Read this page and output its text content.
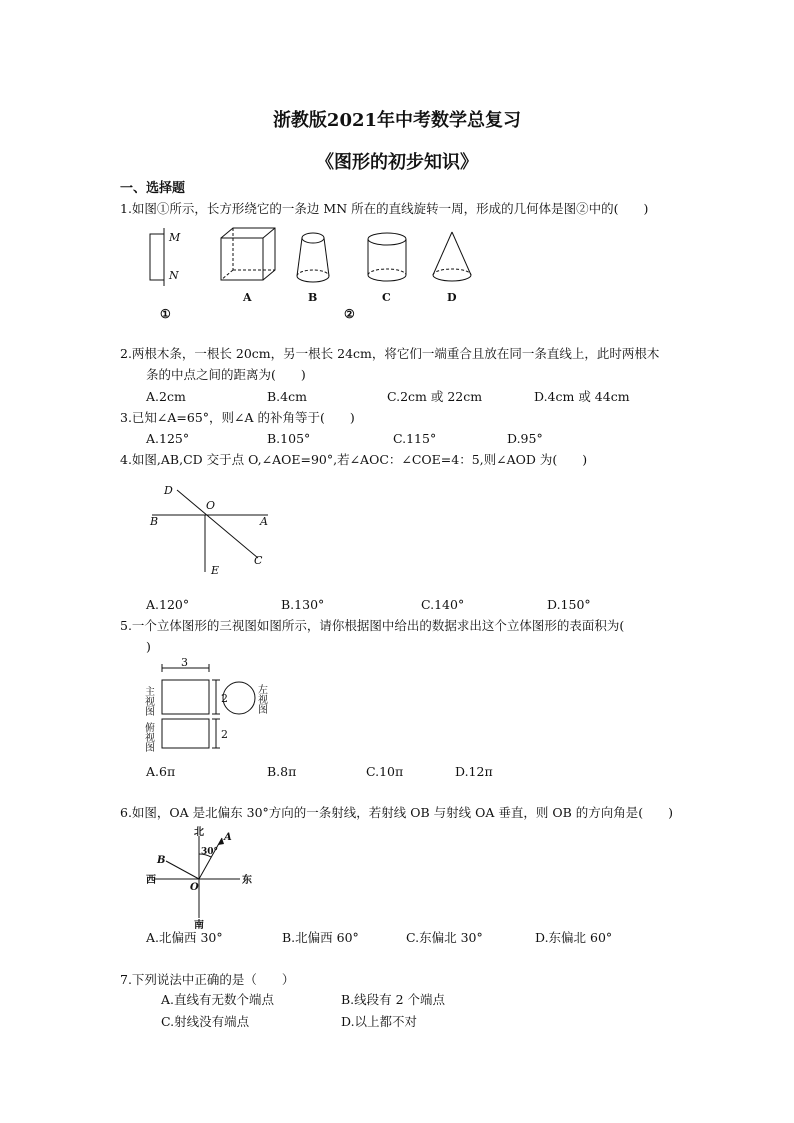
浙教版2021年中考数学总复习
《图形的初步知识》
一、选择题
1.如图①所示，长方形绕它的一条边 MN 所在的直线旋转一周，形成的几何体是图②中的(　　)
M
N
A	B	C	D
①	②
2.两根木条，一根长 20cm，另一根长 24cm，将它们一端重合且放在同一条直线上，此时两根木
条的中点之间的距离为(　　)
A.2cm	B.4cm	C.2cm 或 22cm	D.4cm 或 44cm
3.已知∠A=65°，则∠A 的补角等于(　　)
A.125°	B.105°	C.115°	D.95°
4.如图,AB,CD 交于点 O,∠AOE=90°,若∠AOC：∠COE=4：5,则∠AOD 为(　　)
D
O
B	A
C
E
A.120°	B.130°	C.140°	D.150°
5.一个立体图形的三视图如图所示，请你根据图中给出的数据求出这个立体图形的表面积为(
)
3
2
2
主视图
俯视图
左视图
A.6π	B.8π	C.10π	D.12π
6.如图，OA 是北偏东 30°方向的一条射线，若射线 OB 与射线 OA 垂直，则 OB 的方向角是(　　)
北
南
西	东
A
B
O
30°
A.北偏西 30°	B.北偏西 60°	C.东偏北 30°	D.东偏北 60°
7.下列说法中正确的是（　　）
A.直线有无数个端点	B.线段有 2 个端点
C.射线没有端点	D.以上都不对
